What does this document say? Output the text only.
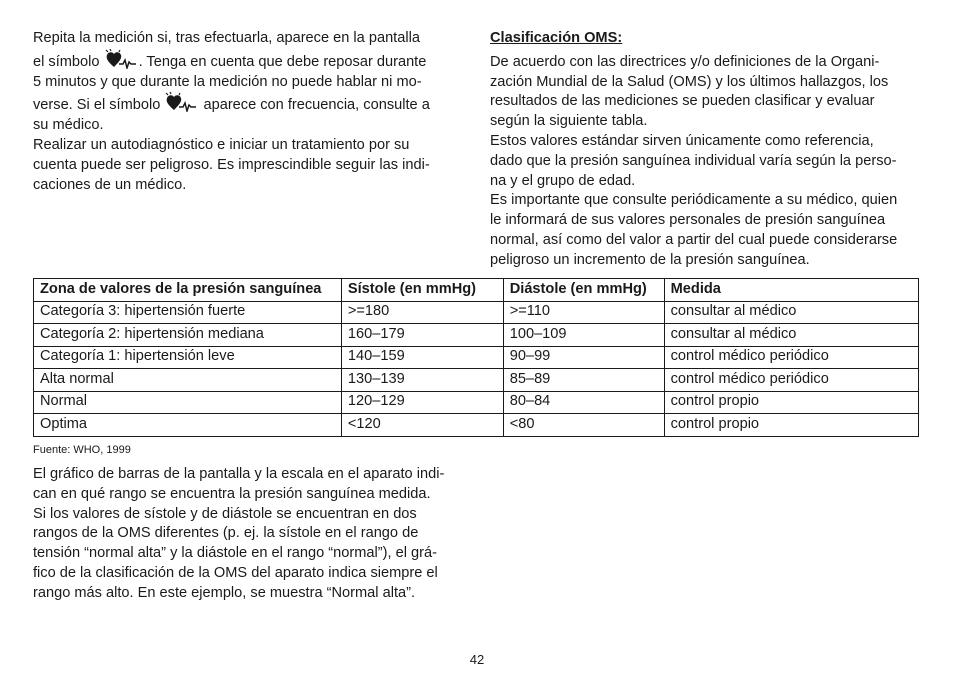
Repita la medición si, tras efectuarla, aparece en la pantalla
el símbolo	. Tenga en cuenta que debe reposar durante
5 minutos y que durante la medición no puede hablar ni mo-
verse. Si el símbolo	aparece con frecuencia, consulte a
su médico.
Realizar un autodiagnóstico e iniciar un tratamiento por su
cuenta puede ser peligroso. Es imprescindible seguir las indi-
caciones de un médico.
Clasificación OMS:
De acuerdo con las directrices y/o definiciones de la Organi-
zación Mundial de la Salud (OMS) y los últimos hallazgos, los
resultados de las mediciones se pueden clasificar y evaluar
según la siguiente tabla.
Estos valores estándar sirven únicamente como referencia,
dado que la presión sanguínea individual varía según la perso-
na y el grupo de edad.
Es importante que consulte periódicamente a su médico, quien
le informará de sus valores personales de presión sanguínea
normal, así como del valor a partir del cual puede considerarse
peligroso un incremento de la presión sanguínea.
Zona de valores de la presión sanguínea	Sístole (en mmHg)	Diástole (en mmHg)	Medida
Categoría 3: hipertensión fuerte	>=180	>=110	consultar al médico
Categoría 2: hipertensión mediana	160–179	100–109	consultar al médico
Categoría 1: hipertensión leve	140–159	90–99	control médico periódico
Alta normal	130–139	85–89	control médico periódico
Normal	120–129	80–84	control propio
Optima	<120	<80	control propio
Fuente: WHO, 1999
El gráfico de barras de la pantalla y la escala en el aparato indi-
can en qué rango se encuentra la presión sanguínea medida.
Si los valores de sístole y de diástole se encuentran en dos
rangos de la OMS diferentes (p. ej. la sístole en el rango de
tensión “normal alta” y la diástole en el rango “normal”), el grá-
fico de la clasificación de la OMS del aparato indica siempre el
rango más alto. En este ejemplo, se muestra “Normal alta”.
42
